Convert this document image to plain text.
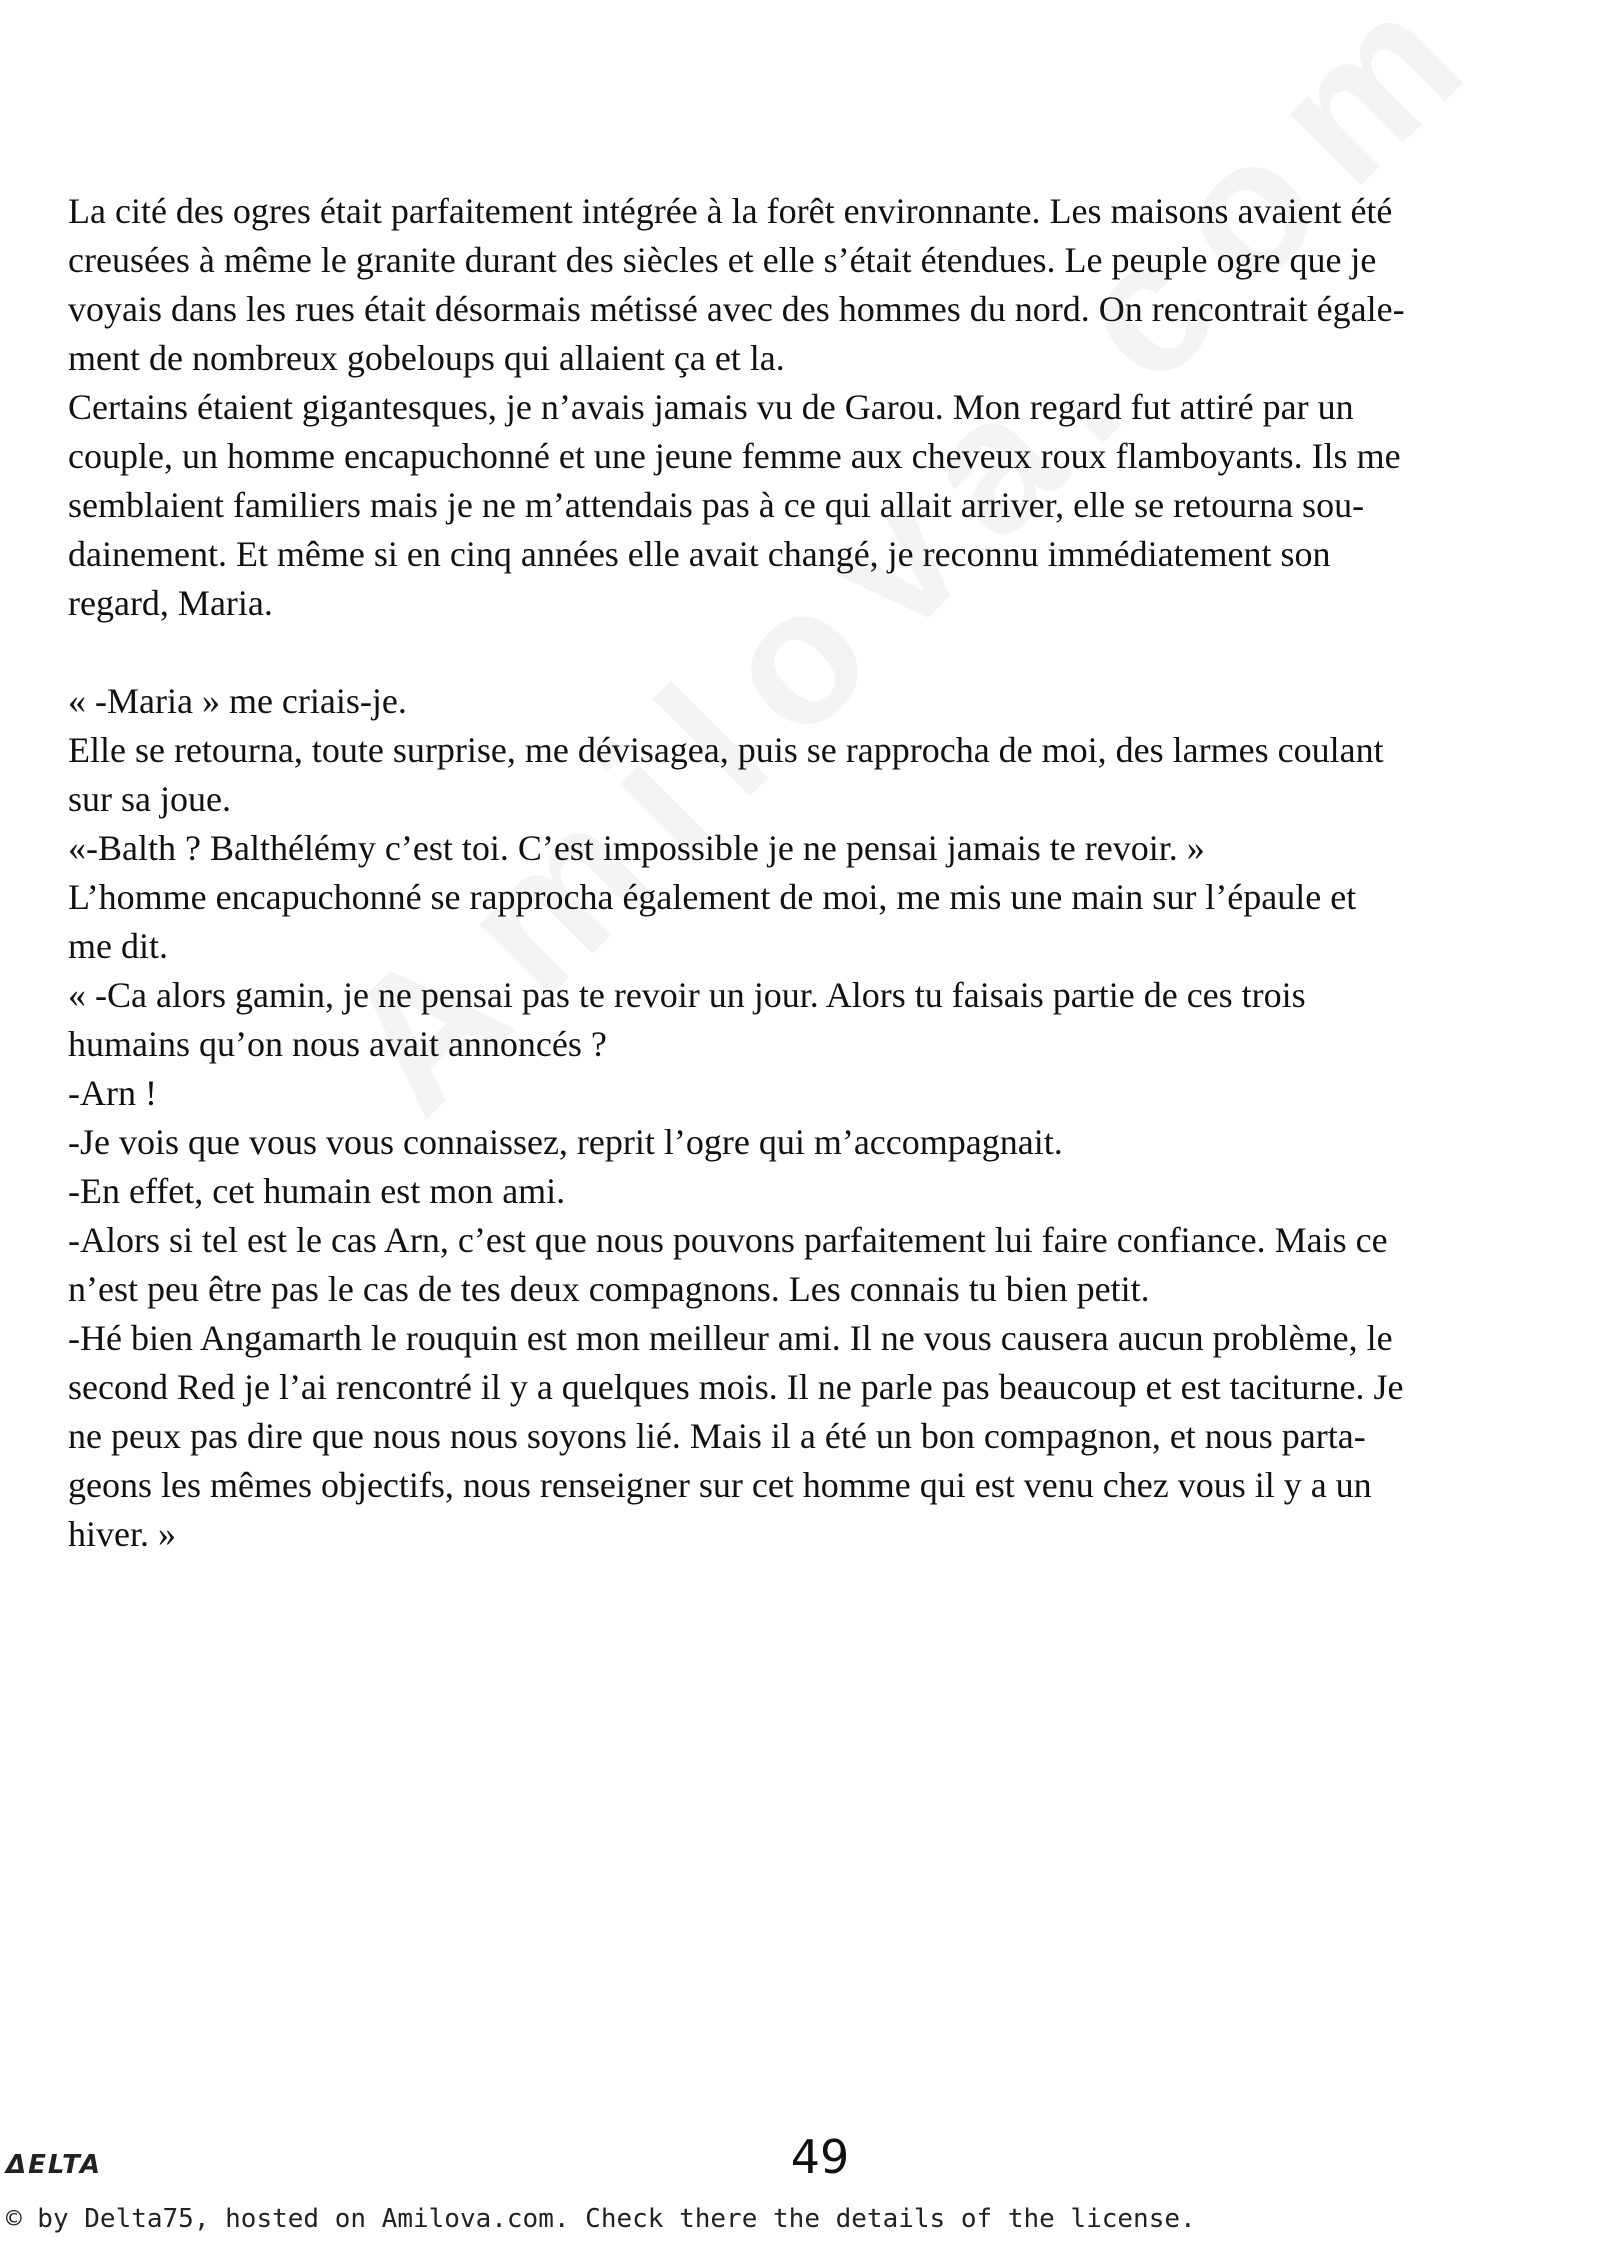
La cité des ogres était parfaitement intégrée à la forêt environnante. Les maisons avaient été

creusées à même le granite durant des siècles et elle s’était étendues. Le peuple ogre que je

voyais dans les rues était désormais métissé avec des hommes du nord. On rencontrait égale-

ment de nombreux gobeloups qui allaient ça et la.

Certains étaient gigantesques, je n’avais jamais vu de Garou. Mon regard fut attiré par un

couple, un homme encapuchonné et une jeune femme aux cheveux roux flamboyants. Ils me

semblaient familiers mais je ne m’attendais pas à ce qui allait arriver, elle se retourna sou-

dainement. Et même si en cinq années elle avait changé, je reconnu immédiatement son

regard, Maria.

« -Maria » me criais-je.

Elle se retourna, toute surprise, me dévisagea, puis se rapprocha de moi, des larmes coulant

sur sa joue.

«-Balth ? Balthélémy c’est toi. C’est impossible je ne pensai jamais te revoir. »

L’homme encapuchonné se rapprocha également de moi, me mis une main sur l’épaule et

me dit.

« -Ca alors gamin, je ne pensai pas te revoir un jour. Alors tu faisais partie de ces trois

humains qu’on nous avait annoncés ?

-Arn !

-Je vois que vous vous connaissez, reprit l’ogre qui m’accompagnait.

-En effet, cet humain est mon ami.

-Alors si tel est le cas Arn, c’est que nous pouvons parfaitement lui faire confiance. Mais ce

n’est peu être pas le cas de tes deux compagnons. Les connais tu bien petit.

-Hé bien Angamarth le rouquin est mon meilleur ami. Il ne vous causera aucun problème, le

second Red je l’ai rencontré il y a quelques mois. Il ne parle pas beaucoup et est taciturne. Je

ne peux pas dire que nous nous soyons lié. Mais il a été un bon compagnon, et nous parta-

geons les mêmes objectifs, nous renseigner sur cet homme qui est venu chez vous il y a un

hiver. »

ΔELTA	49
© by Delta75, hosted on Amilova.com. Check there the details of the license.
